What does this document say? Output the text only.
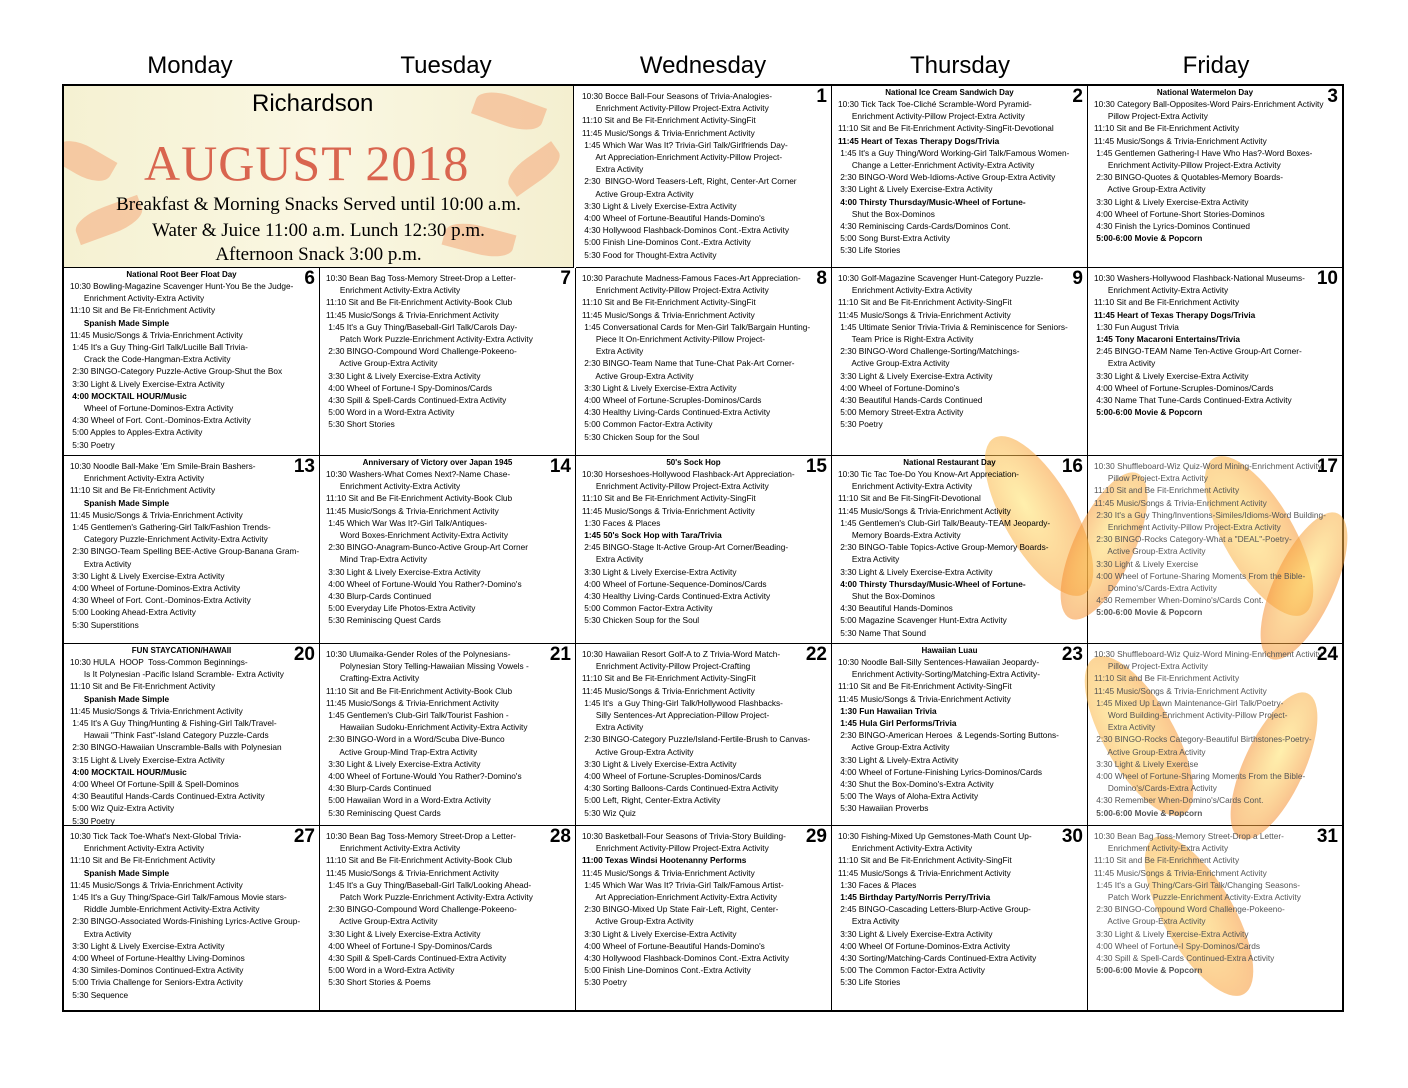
Monday	Tuesday	Wednesday	Thursday	Friday
Richardson
AUGUST 2018
Breakfast & Morning Snacks Served until 10:00 a.m.
Water & Juice 11:00 a.m. Lunch 12:30 p.m.
Afternoon Snack 3:00 p.m.
1
10:30 Bocce Ball-Four Seasons of Trivia-Analogies-
Enrichment Activity-Pillow Project-Extra Activity
11:10 Sit and Be Fit-Enrichment Activity-SingFit
11:45 Music/Songs & Trivia-Enrichment Activity
1:45 Which War Was It? Trivia-Girl Talk/Girlfriends Day-
Art Appreciation-Enrichment Activity-Pillow Project-
Extra Activity
2:30  BINGO-Word Teasers-Left, Right, Center-Art Corner
Active Group-Extra Activity
3:30 Light & Lively Exercise-Extra Activity
4:00 Wheel of Fortune-Beautiful Hands-Domino's
4:30 Hollywood Flashback-Dominos Cont.-Extra Activity
5:00 Finish Line-Dominos Cont.-Extra Activity
5:30 Food for Thought-Extra Activity
2
National Ice Cream Sandwich Day
10:30 Tick Tack Toe-Cliché Scramble-Word Pyramid-
Enrichment Activity-Pillow Project-Extra Activity
11:10 Sit and Be Fit-Enrichment Activity-SingFit-Devotional
11:45 Heart of Texas Therapy Dogs/Trivia
1:45 It's a Guy Thing/Word Working-Girl Talk/Famous Women-
Change a Letter-Enrichment Activity-Extra Activity
2:30 BINGO-Word Web-Idioms-Active Group-Extra Activity
3:30 Light & Lively Exercise-Extra Activity
4:00 Thirsty Thursday/Music-Wheel of Fortune-
Shut the Box-Dominos
4:30 Reminiscing Cards-Cards/Dominos Cont.
5:00 Song Burst-Extra Activity
5:30 Life Stories
3
National Watermelon Day
10:30 Category Ball-Opposites-Word Pairs-Enrichment Activity
Pillow Project-Extra Activity
11:10 Sit and Be Fit-Enrichment Activity
11:45 Music/Songs & Trivia-Enrichment Activity
1:45 Gentlemen Gathering-I Have Who Has?-Word Boxes-
Enrichment Activity-Pillow Project-Extra Activity
2:30 BINGO-Quotes & Quotables-Memory Boards-
Active Group-Extra Activity
3:30 Light & Lively Exercise-Extra Activity
4:00 Wheel of Fortune-Short Stories-Dominos
4:30 Finish the Lyrics-Dominos Continued
5:00-6:00 Movie & Popcorn
6
National Root Beer Float Day
10:30 Bowling-Magazine Scavenger Hunt-You Be the Judge-
Enrichment Activity-Extra Activity
11:10 Sit and Be Fit-Enrichment Activity
Spanish Made Simple
11:45 Music/Songs & Trivia-Enrichment Activity
1:45 It's a Guy Thing-Girl Talk/Lucille Ball Trivia-
Crack the Code-Hangman-Extra Activity
2:30 BINGO-Category Puzzle-Active Group-Shut the Box
3:30 Light & Lively Exercise-Extra Activity
4:00 MOCKTAIL HOUR/Music
Wheel of Fortune-Dominos-Extra Activity
4:30 Wheel of Fort. Cont.-Dominos-Extra Activity
5:00 Apples to Apples-Extra Activity
5:30 Poetry
7
10:30 Bean Bag Toss-Memory Street-Drop a Letter-
Enrichment Activity-Extra Activity
11:10 Sit and Be Fit-Enrichment Activity-Book Club
11:45 Music/Songs & Trivia-Enrichment Activity
1:45 It's a Guy Thing/Baseball-Girl Talk/Carols Day-
Patch Work Puzzle-Enrichment Activity-Extra Activity
2:30 BINGO-Compound Word Challenge-Pokeeno-
Active Group-Extra Activity
3:30 Light & Lively Exercise-Extra Activity
4:00 Wheel of Fortune-I Spy-Dominos/Cards
4:30 Spill & Spell-Cards Continued-Extra Activity
5:00 Word in a Word-Extra Activity
5:30 Short Stories
8
10:30 Parachute Madness-Famous Faces-Art Appreciation-
Enrichment Activity-Pillow Project-Extra Activity
11:10 Sit and Be Fit-Enrichment Activity-SingFit
11:45 Music/Songs & Trivia-Enrichment Activity
1:45 Conversational Cards for Men-Girl Talk/Bargain Hunting-
Piece It On-Enrichment Activity-Pillow Project-
Extra Activity
2:30 BINGO-Team Name that Tune-Chat Pak-Art Corner-
Active Group-Extra Activity
3:30 Light & Lively Exercise-Extra Activity
4:00 Wheel of Fortune-Scruples-Dominos/Cards
4:30 Healthy Living-Cards Continued-Extra Activity
5:00 Common Factor-Extra Activity
5:30 Chicken Soup for the Soul
9
10:30 Golf-Magazine Scavenger Hunt-Category Puzzle-
Enrichment Activity-Extra Activity
11:10 Sit and Be Fit-Enrichment Activity-SingFit
11:45 Music/Songs & Trivia-Enrichment Activity
1:45 Ultimate Senior Trivia-Trivia & Reminiscence for Seniors-
Team Price is Right-Extra Activity
2:30 BINGO-Word Challenge-Sorting/Matchings-
Active Group-Extra Activity
3:30 Light & Lively Exercise-Extra Activity
4:00 Wheel of Fortune-Domino's
4:30 Beautiful Hands-Cards Continued
5:00 Memory Street-Extra Activity
5:30 Poetry
10
10:30 Washers-Hollywood Flashback-National Museums-
Enrichment Activity-Extra Activity
11:10 Sit and Be Fit-Enrichment Activity
11:45 Heart of Texas Therapy Dogs/Trivia
1:30 Fun August Trivia
1:45 Tony Macaroni Entertains/Trivia
2:45 BINGO-TEAM Name Ten-Active Group-Art Corner-
Extra Activity
3:30 Light & Lively Exercise-Extra Activity
4:00 Wheel of Fortune-Scruples-Dominos/Cards
4:30 Name That Tune-Cards Continued-Extra Activity
5:00-6:00 Movie & Popcorn
13
10:30 Noodle Ball-Make 'Em Smile-Brain Bashers-
Enrichment Activity-Extra Activity
11:10 Sit and Be Fit-Enrichment Activity
Spanish Made Simple
11:45 Music/Songs & Trivia-Enrichment Activity
1:45 Gentlemen's Gathering-Girl Talk/Fashion Trends-
Category Puzzle-Enrichment Activity-Extra Activity
2:30 BINGO-Team Spelling BEE-Active Group-Banana Gram-
Extra Activity
3:30 Light & Lively Exercise-Extra Activity
4:00 Wheel of Fortune-Dominos-Extra Activity
4:30 Wheel of Fort. Cont.-Dominos-Extra Activity
5:00 Looking Ahead-Extra Activity
5:30 Superstitions
14
Anniversary of Victory over Japan 1945
10:30 Washers-What Comes Next?-Name Chase-
Enrichment Activity-Extra Activity
11:10 Sit and Be Fit-Enrichment Activity-Book Club
11:45 Music/Songs & Trivia-Enrichment Activity
1:45 Which War Was It?-Girl Talk/Antiques-
Word Boxes-Enrichment Activity-Extra Activity
2:30 BINGO-Anagram-Bunco-Active Group-Art Corner
Mind Trap-Extra Activity
3:30 Light & Lively Exercise-Extra Activity
4:00 Wheel of Fortune-Would You Rather?-Domino's
4:30 Blurp-Cards Continued
5:00 Everyday Life Photos-Extra Activity
5:30 Reminiscing Quest Cards
15
50's Sock Hop
10:30 Horseshoes-Hollywood Flashback-Art Appreciation-
Enrichment Activity-Pillow Project-Extra Activity
11:10 Sit and Be Fit-Enrichment Activity-SingFit
11:45 Music/Songs & Trivia-Enrichment Activity
1:30 Faces & Places
1:45 50's Sock Hop with Tara/Trivia
2:45 BINGO-Stage It-Active Group-Art Corner/Beading-
Extra Activity
3:30 Light & Lively Exercise-Extra Activity
4:00 Wheel of Fortune-Sequence-Dominos/Cards
4:30 Healthy Living-Cards Continued-Extra Activity
5:00 Common Factor-Extra Activity
5:30 Chicken Soup for the Soul
16
National Restaurant Day
10:30 Tic Tac Toe-Do You Know-Art Appreciation-
Enrichment Activity-Extra Activity
11:10 Sit and Be Fit-SingFit-Devotional
11:45 Music/Songs & Trivia-Enrichment Activity
1:45 Gentlemen's Club-Girl Talk/Beauty-TEAM Jeopardy-
Memory Boards-Extra Activity
2:30 BINGO-Table Topics-Active Group-Memory Boards-
Extra Activity
3:30 Light & Lively Exercise-Extra Activity
4:00 Thirsty Thursday/Music-Wheel of Fortune-
Shut the Box-Dominos
4:30 Beautiful Hands-Dominos
5:00 Magazine Scavenger Hunt-Extra Activity
5:30 Name That Sound
17
10:30 Shuffleboard-Wiz Quiz-Word Mining-Enrichment Activity
Pillow Project-Extra Activity
11:10 Sit and Be Fit-Enrichment Activity
11:45 Music/Songs & Trivia-Enrichment Activity
2:30 It's a Guy Thing/Inventions-Similes/Idioms-Word Building-
Enrichment Activity-Pillow Project-Extra Activity
2:30 BINGO-Rocks Category-What a "DEAL"-Poetry-
Active Group-Extra Activity
3:30 Light & Lively Exercise
4:00 Wheel of Fortune-Sharing Moments From the Bible-
Domino's/Cards-Extra Activity
4:30 Remember When-Domino's/Cards Cont.
5:00-6:00 Movie & Popcorn
20
FUN STAYCATION/HAWAII
10:30 HULA  HOOP  Toss-Common Beginnings-
Is It Polynesian -Pacific Island Scramble- Extra Activity
11:10 Sit and Be Fit-Enrichment Activity
Spanish Made Simple
11:45 Music/Songs & Trivia-Enrichment Activity
1:45 It's A Guy Thing/Hunting & Fishing-Girl Talk/Travel-
Hawaii "Think Fast"-Island Category Puzzle-Cards
2:30 BINGO-Hawaiian Unscramble-Balls with Polynesian
3:15 Light & Lively Exercise-Extra Activity
4:00 MOCKTAIL HOUR/Music
4:00 Wheel Of Fortune-Spill & Spell-Dominos
4:30 Beautiful Hands-Cards Continued-Extra Activity
5:00 Wiz Quiz-Extra Activity
5:30 Poetry
21
10:30 Ulumaika-Gender Roles of the Polynesians-
Polynesian Story Telling-Hawaiian Missing Vowels -
Crafting-Extra Activity
11:10 Sit and Be Fit-Enrichment Activity-Book Club
11:45 Music/Songs & Trivia-Enrichment Activity
1:45 Gentlemen's Club-Girl Talk/Tourist Fashion -
Hawaiian Sudoku-Enrichment Activity-Extra Activity
2:30 BINGO-Word in a Word/Scuba Dive-Bunco
Active Group-Mind Trap-Extra Activity
3:30 Light & Lively Exercise-Extra Activity
4:00 Wheel of Fortune-Would You Rather?-Domino's
4:30 Blurp-Cards Continued
5:00 Hawaiian Word in a Word-Extra Activity
5:30 Reminiscing Quest Cards
22
10:30 Hawaiian Resort Golf-A to Z Trivia-Word Match-
Enrichment Activity-Pillow Project-Crafting
11:10 Sit and Be Fit-Enrichment Activity-SingFit
11:45 Music/Songs & Trivia-Enrichment Activity
1:45 It's  a Guy Thing-Girl Talk/Hollywood Flashbacks-
Silly Sentences-Art Appreciation-Pillow Project-
Extra Activity
2:30 BINGO-Category Puzzle/Island-Fertile-Brush to Canvas-
Active Group-Extra Activity
3:30 Light & Lively Exercise-Extra Activity
4:00 Wheel of Fortune-Scruples-Dominos/Cards
4:30 Sorting Balloons-Cards Continued-Extra Activity
5:00 Left, Right, Center-Extra Activity
5:30 Wiz Quiz
23
Hawaiian Luau
10:30 Noodle Ball-Silly Sentences-Hawaiian Jeopardy-
Enrichment Activity-Sorting/Matching-Extra Activity-
11:10 Sit and Be Fit-Enrichment Activity-SingFit
11:45 Music/Songs & Trivia-Enrichment Activity
1:30 Fun Hawaiian Trivia
1:45 Hula Girl Performs/Trivia
2:30 BINGO-American Heroes  & Legends-Sorting Buttons-
Active Group-Extra Activity
3:30 Light & Lively-Extra Activity
4:00 Wheel of Fortune-Finishing Lyrics-Dominos/Cards
4:30 Shut the Box-Domino's-Extra Activity
5:00 The Ways of Aloha-Extra Activity
5:30 Hawaiian Proverbs
24
10:30 Shuffleboard-Wiz Quiz-Word Mining-Enrichment Activity
Pillow Project-Extra Activity
11:10 Sit and Be Fit-Enrichment Activity
11:45 Music/Songs & Trivia-Enrichment Activity
1:45 Mixed Up Lawn Maintenance-Girl Talk/Poetry-
Word Building-Enrichment Activity-Pillow Project-
Extra Activity
2:30 BINGO-Rocks Category-Beautiful Birthstones-Poetry-
Active Group-Extra Activity
3:30 Light & Lively Exercise
4:00 Wheel of Fortune-Sharing Moments From the Bible-
Domino's/Cards-Extra Activity
4:30 Remember When-Domino's/Cards Cont.
5:00-6:00 Movie & Popcorn
27
10:30 Tick Tack Toe-What's Next-Global Trivia-
Enrichment Activity-Extra Activity
11:10 Sit and Be Fit-Enrichment Activity
Spanish Made Simple
11:45 Music/Songs & Trivia-Enrichment Activity
1:45 It's a Guy Thing/Space-Girl Talk/Famous Movie stars-
Riddle Jumble-Enrichment Activity-Extra Activity
2:30 BINGO-Associated Words-Finishing Lyrics-Active Group-
Extra Activity
3:30 Light & Lively Exercise-Extra Activity
4:00 Wheel of Fortune-Healthy Living-Dominos
4:30 Similes-Dominos Continued-Extra Activity
5:00 Trivia Challenge for Seniors-Extra Activity
5:30 Sequence
28
10:30 Bean Bag Toss-Memory Street-Drop a Letter-
Enrichment Activity-Extra Activity
11:10 Sit and Be Fit-Enrichment Activity-Book Club
11:45 Music/Songs & Trivia-Enrichment Activity
1:45 It's a Guy Thing/Baseball-Girl Talk/Looking Ahead-
Patch Work Puzzle-Enrichment Activity-Extra Activity
2:30 BINGO-Compound Word Challenge-Pokeeno-
Active Group-Extra Activity
3:30 Light & Lively Exercise-Extra Activity
4:00 Wheel of Fortune-I Spy-Dominos/Cards
4:30 Spill & Spell-Cards Continued-Extra Activity
5:00 Word in a Word-Extra Activity
5:30 Short Stories & Poems
29
10:30 Basketball-Four Seasons of Trivia-Story Building-
Enrichment Activity-Pillow Project-Extra Activity
11:00 Texas Windsi Hootenanny Performs
11:45 Music/Songs & Trivia-Enrichment Activity
1:45 Which War Was It? Trivia-Girl Talk/Famous Artist-
Art Appreciation-Enrichment Activity-Extra Activity
2:30 BINGO-Mixed Up State Fair-Left, Right, Center-
Active Group-Extra Activity
3:30 Light & Lively Exercise-Extra Activity
4:00 Wheel of Fortune-Beautiful Hands-Domino's
4:30 Hollywood Flashback-Dominos Cont.-Extra Activity
5:00 Finish Line-Dominos Cont.-Extra Activity
5:30 Poetry
30
10:30 Fishing-Mixed Up Gemstones-Math Count Up-
Enrichment Activity-Extra Activity
11:10 Sit and Be Fit-Enrichment Activity-SingFit
11:45 Music/Songs & Trivia-Enrichment Activity
1:30 Faces & Places
1:45 Birthday Party/Norris Perry/Trivia
2:45 BINGO-Cascading Letters-Blurp-Active Group-
Extra Activity
3:30 Light & Lively Exercise-Extra Activity
4:00 Wheel Of Fortune-Dominos-Extra Activity
4:30 Sorting/Matching-Cards Continued-Extra Activity
5:00 The Common Factor-Extra Activity
5:30 Life Stories
31
10:30 Bean Bag Toss-Memory Street-Drop a Letter-
Enrichment Activity-Extra Activity
11:10 Sit and Be Fit-Enrichment Activity
11:45 Music/Songs & Trivia-Enrichment Activity
1:45 It's a Guy Thing/Cars-Girl Talk/Changing Seasons-
Patch Work Puzzle-Enrichment Activity-Extra Activity
2:30 BINGO-Compound Word Challenge-Pokeeno-
Active Group-Extra Activity
3:30 Light & Lively Exercise-Extra Activity
4:00 Wheel of Fortune-I Spy-Dominos/Cards
4:30 Spill & Spell-Cards Continued-Extra Activity
5:00-6:00 Movie & Popcorn
